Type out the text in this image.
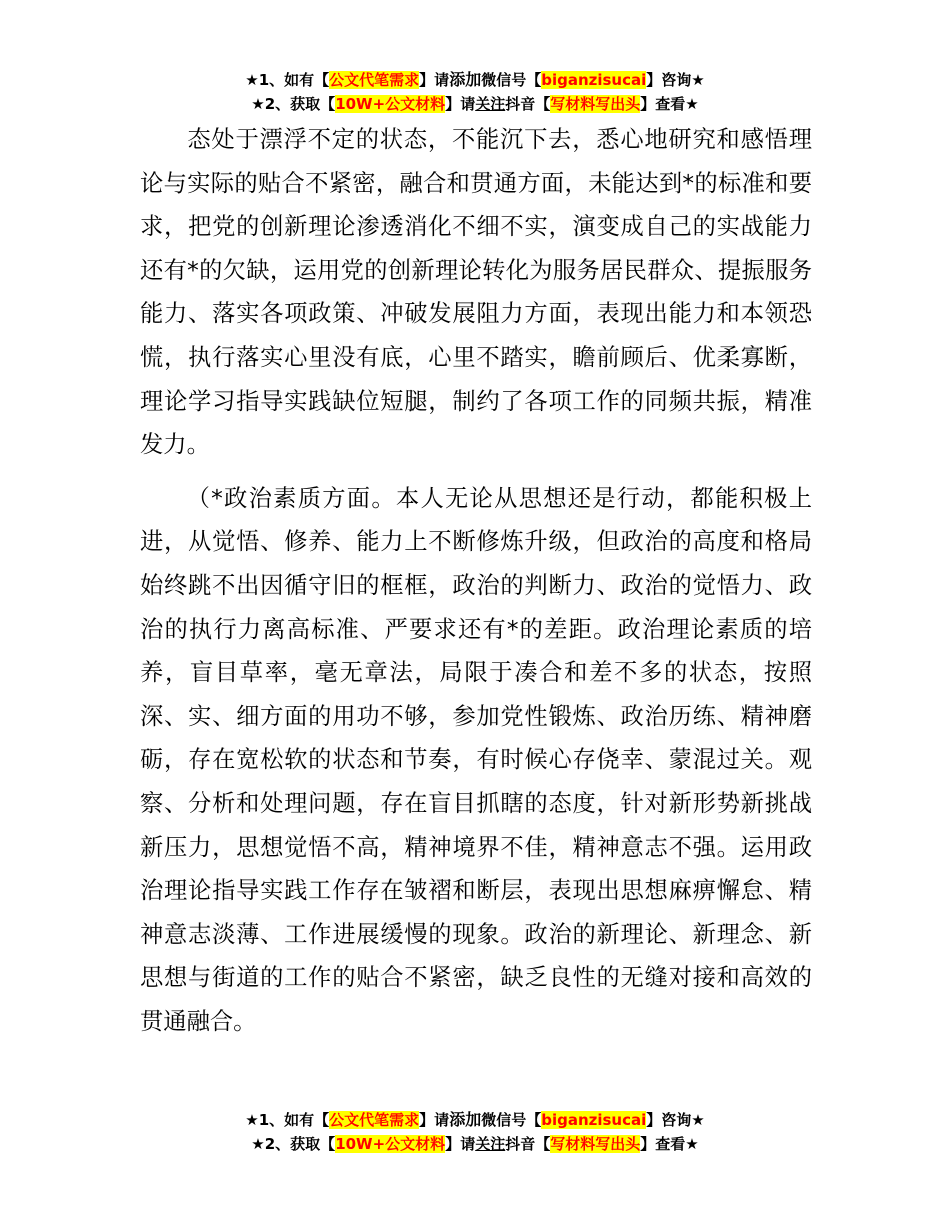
★1、如有【公文代笔需求】请添加微信号【biganzisucai】咨询★
★2、获取【10W+公文材料】请关注抖音【写材料写出头】查看★

态处于漂浮不定的状态，不能沉下去，悉心地研究和感悟理论与实际的贴合不紧密，融合和贯通方面，未能达到*的标准和要求，把党的创新理论渗透消化不细不实，演变成自己的实战能力还有*的欠缺，运用党的创新理论转化为服务居民群众、提振服务能力、落实各项政策、冲破发展阻力方面，表现出能力和本领恐慌，执行落实心里没有底，心里不踏实，瞻前顾后、优柔寡断，理论学习指导实践缺位短腿，制约了各项工作的同频共振，精准发力。

（*政治素质方面。本人无论从思想还是行动，都能积极上进，从觉悟、修养、能力上不断修炼升级，但政治的高度和格局始终跳不出因循守旧的框框，政治的判断力、政治的觉悟力、政治的执行力离高标准、严要求还有*的差距。政治理论素质的培养，盲目草率，毫无章法，局限于凑合和差不多的状态，按照深、实、细方面的用功不够，参加党性锻炼、政治历练、精神磨砺，存在宽松软的状态和节奏，有时候心存侥幸、蒙混过关。观察、分析和处理问题，存在盲目抓瞎的态度，针对新形势新挑战新压力，思想觉悟不高，精神境界不佳，精神意志不强。运用政治理论指导实践工作存在皱褶和断层，表现出思想麻痹懈怠、精神意志淡薄、工作进展缓慢的现象。政治的新理论、新理念、新思想与街道的工作的贴合不紧密，缺乏良性的无缝对接和高效的贯通融合。

★1、如有【公文代笔需求】请添加微信号【biganzisucai】咨询★
★2、获取【10W+公文材料】请关注抖音【写材料写出头】查看★
